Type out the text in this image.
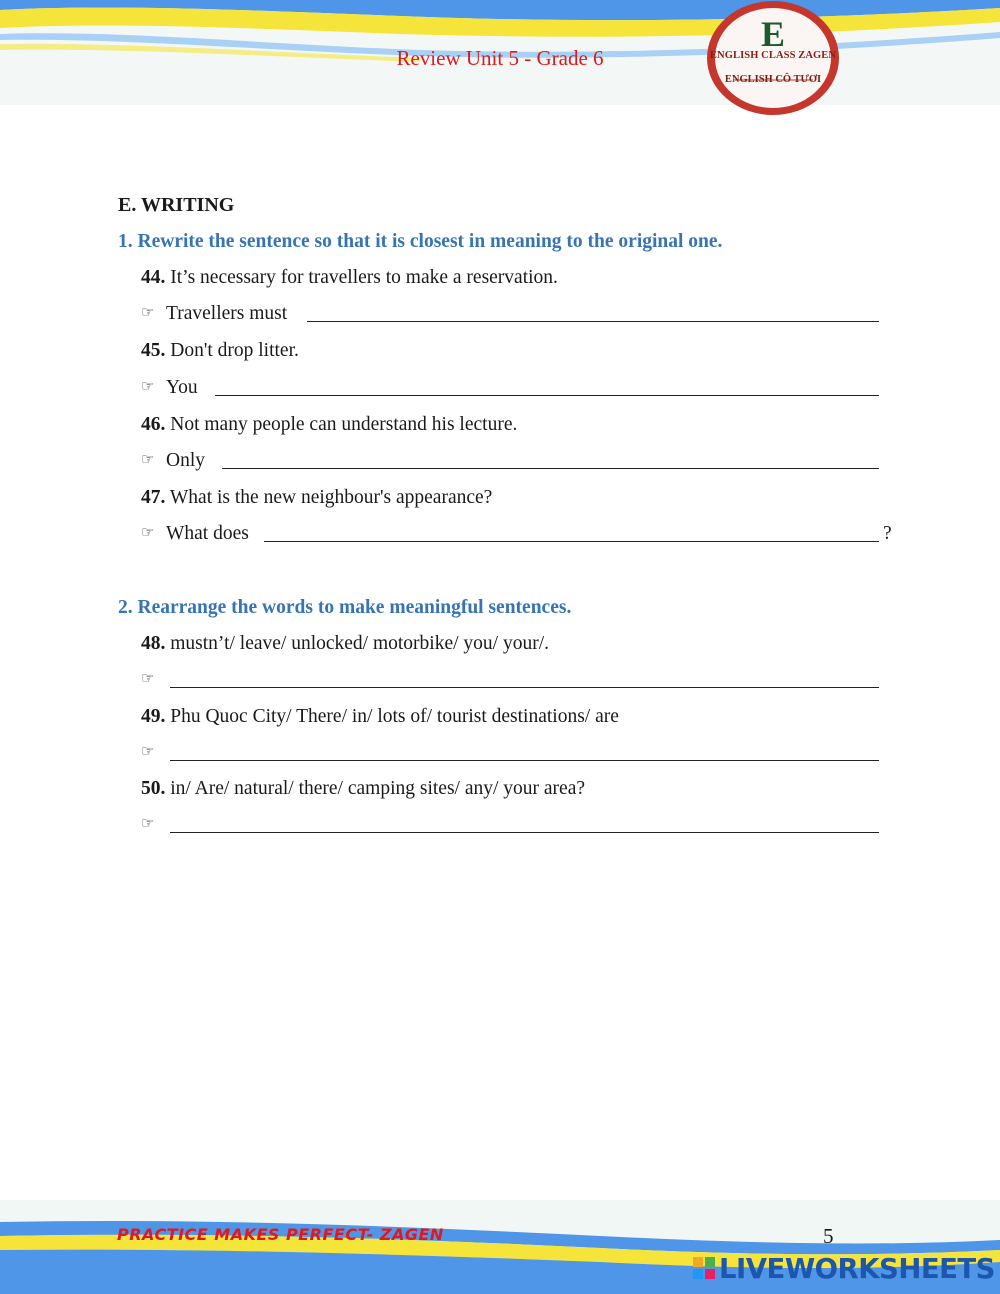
Review Unit 5 - Grade 6
E
ENGLISH CLASS ZAGEN
ENGLISH CÔ TƯƠI
E. WRITING
1. Rewrite the sentence so that it is closest in meaning to the original one.
44. It’s necessary for travellers to make a reservation.
☞ Travellers must
45. Don't drop litter.
☞ You
46. Not many people can understand his lecture.
☞ Only
47. What is the new neighbour's appearance?
☞ What does	?
2. Rearrange the words to make meaningful sentences.
48. mustn’t/ leave/ unlocked/ motorbike/ you/ your/.
☞
49. Phu Quoc City/ There/ in/ lots of/ tourist destinations/ are
☞
50. in/ Are/ natural/ there/ camping sites/ any/ your area?
☞
PRACTICE MAKES PERFECT- ZAGEN	5
LIVEWORKSHEETS
